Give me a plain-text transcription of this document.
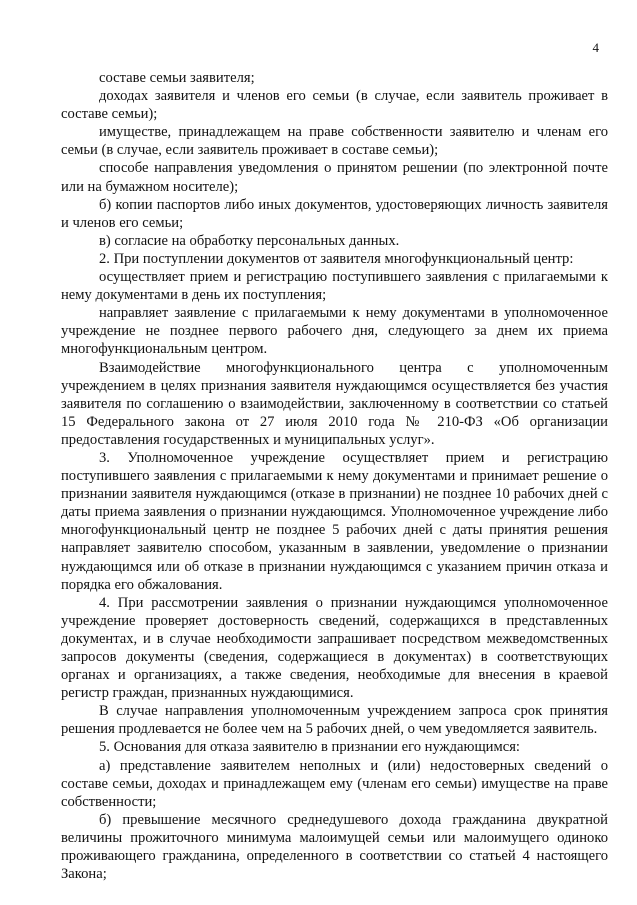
4

составе семьи заявителя;

доходах заявителя и членов его семьи (в случае, если заявитель проживает в составе семьи);

имуществе, принадлежащем на праве собственности заявителю и членам его семьи (в случае, если заявитель проживает в составе семьи);

способе направления уведомления о принятом решении (по электронной почте или на бумажном носителе);

б) копии паспортов либо иных документов, удостоверяющих личность заявителя и членов его семьи;

в) согласие на обработку персональных данных.

2. При поступлении документов от заявителя многофункциональный центр:

осуществляет прием и регистрацию поступившего заявления с прилагаемыми к нему документами в день их поступления;

направляет заявление с прилагаемыми к нему документами в уполномоченное учреждение не позднее первого рабочего дня, следующего за днем их приема многофункциональным центром.

Взаимодействие многофункционального центра с уполномоченным учреждением в целях признания заявителя нуждающимся осуществляется без участия заявителя по соглашению о взаимодействии, заключенному в соответствии со статьей 15 Федерального закона от 27 июля 2010 года № 210-ФЗ «Об организации предоставления государственных и муниципальных услуг».

3. Уполномоченное учреждение осуществляет прием и регистрацию поступившего заявления с прилагаемыми к нему документами и принимает решение о признании заявителя нуждающимся (отказе в признании) не позднее 10 рабочих дней с даты приема заявления о признании нуждающимся. Уполномоченное учреждение либо многофункциональный центр не позднее 5 рабочих дней с даты принятия решения направляет заявителю способом, указанным в заявлении, уведомление о признании нуждающимся или об отказе в признании нуждающимся с указанием причин отказа и порядка его обжалования.

4. При рассмотрении заявления о признании нуждающимся уполномоченное учреждение проверяет достоверность сведений, содержащихся в представленных документах, и в случае необходимости запрашивает посредством межведомственных запросов документы (сведения, содержащиеся в документах) в соответствующих органах и организациях, а также сведения, необходимые для внесения в краевой регистр граждан, признанных нуждающимися.

В случае направления уполномоченным учреждением запроса срок принятия решения продлевается не более чем на 5 рабочих дней, о чем уведомляется заявитель.

5. Основания для отказа заявителю в признании его нуждающимся:

а) представление заявителем неполных и (или) недостоверных сведений о составе семьи, доходах и принадлежащем ему (членам его семьи) имуществе на праве собственности;

б) превышение месячного среднедушевого дохода гражданина двукратной величины прожиточного минимума малоимущей семьи или малоимущего одиноко проживающего гражданина, определенного в соответствии со статьей 4 настоящего Закона;
